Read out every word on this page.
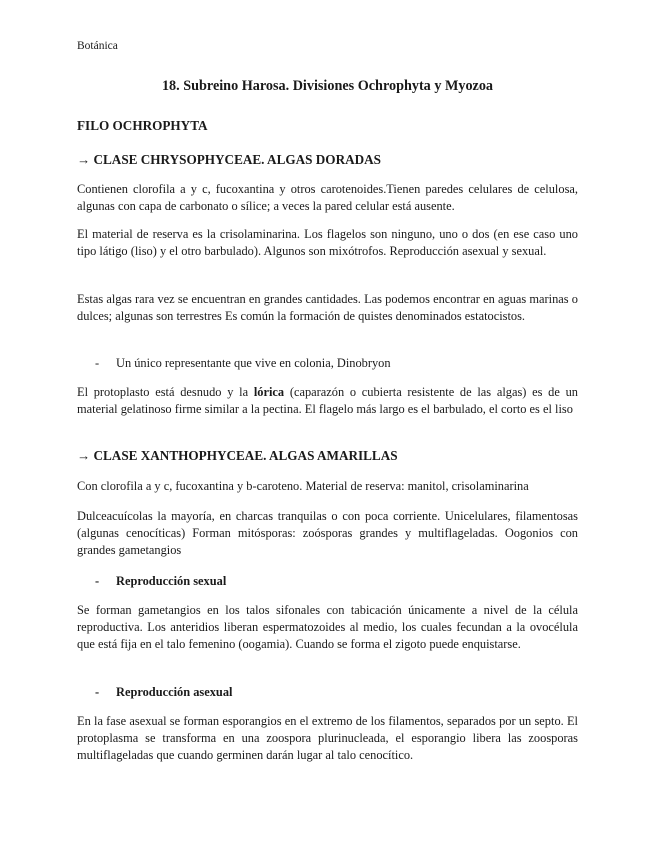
Botánica
18. Subreino Harosa. Divisiones Ochrophyta y Myozoa
FILO OCHROPHYTA
→ CLASE CHRYSOPHYCEAE. ALGAS DORADAS

Contienen clorofila a y c, fucoxantina y otros carotenoides.Tienen paredes celulares de celulosa, algunas con capa de carbonato o sílice; a veces la pared celular está ausente.

El material de reserva es la crisolaminarina. Los flagelos son ninguno, uno o dos (en ese caso uno tipo látigo (liso) y el otro barbulado). Algunos son mixótrofos. Reproducción asexual y sexual.

Estas algas rara vez se encuentran en grandes cantidades. Las podemos encontrar en aguas marinas o dulces; algunas son terrestres Es común la formación de quistes denominados estatocistos.

- Un único representante que vive en colonia, Dinobryon

El protoplasto está desnudo y la lórica (caparazón o cubierta resistente de las algas) es de un material gelatinoso firme similar a la pectina. El flagelo más largo es el barbulado, el corto es el liso

→ CLASE XANTHOPHYCEAE. ALGAS AMARILLAS

Con clorofila a y c, fucoxantina y b-caroteno. Material de reserva: manitol, crisolaminarina

Dulceacuícolas la mayoría, en charcas tranquilas o con poca corriente. Unicelulares, filamentosas (algunas cenocíticas) Forman mitósporas: zoósporas grandes y multiflageladas. Oogonios con grandes gametangios

- Reproducción sexual

Se forman gametangios en los talos sifonales con tabicación únicamente a nivel de la célula reproductiva. Los anteridios liberan espermatozoides al medio, los cuales fecundan a la ovocélula que está fija en el talo femenino (oogamia). Cuando se forma el zigoto puede enquistarse.

- Reproducción asexual

En la fase asexual se forman esporangios en el extremo de los filamentos, separados por un septo. El protoplasma se transforma en una zoospora plurinucleada, el esporangio libera las zoosporas multiflageladas que cuando germinen darán lugar al talo cenocítico.
